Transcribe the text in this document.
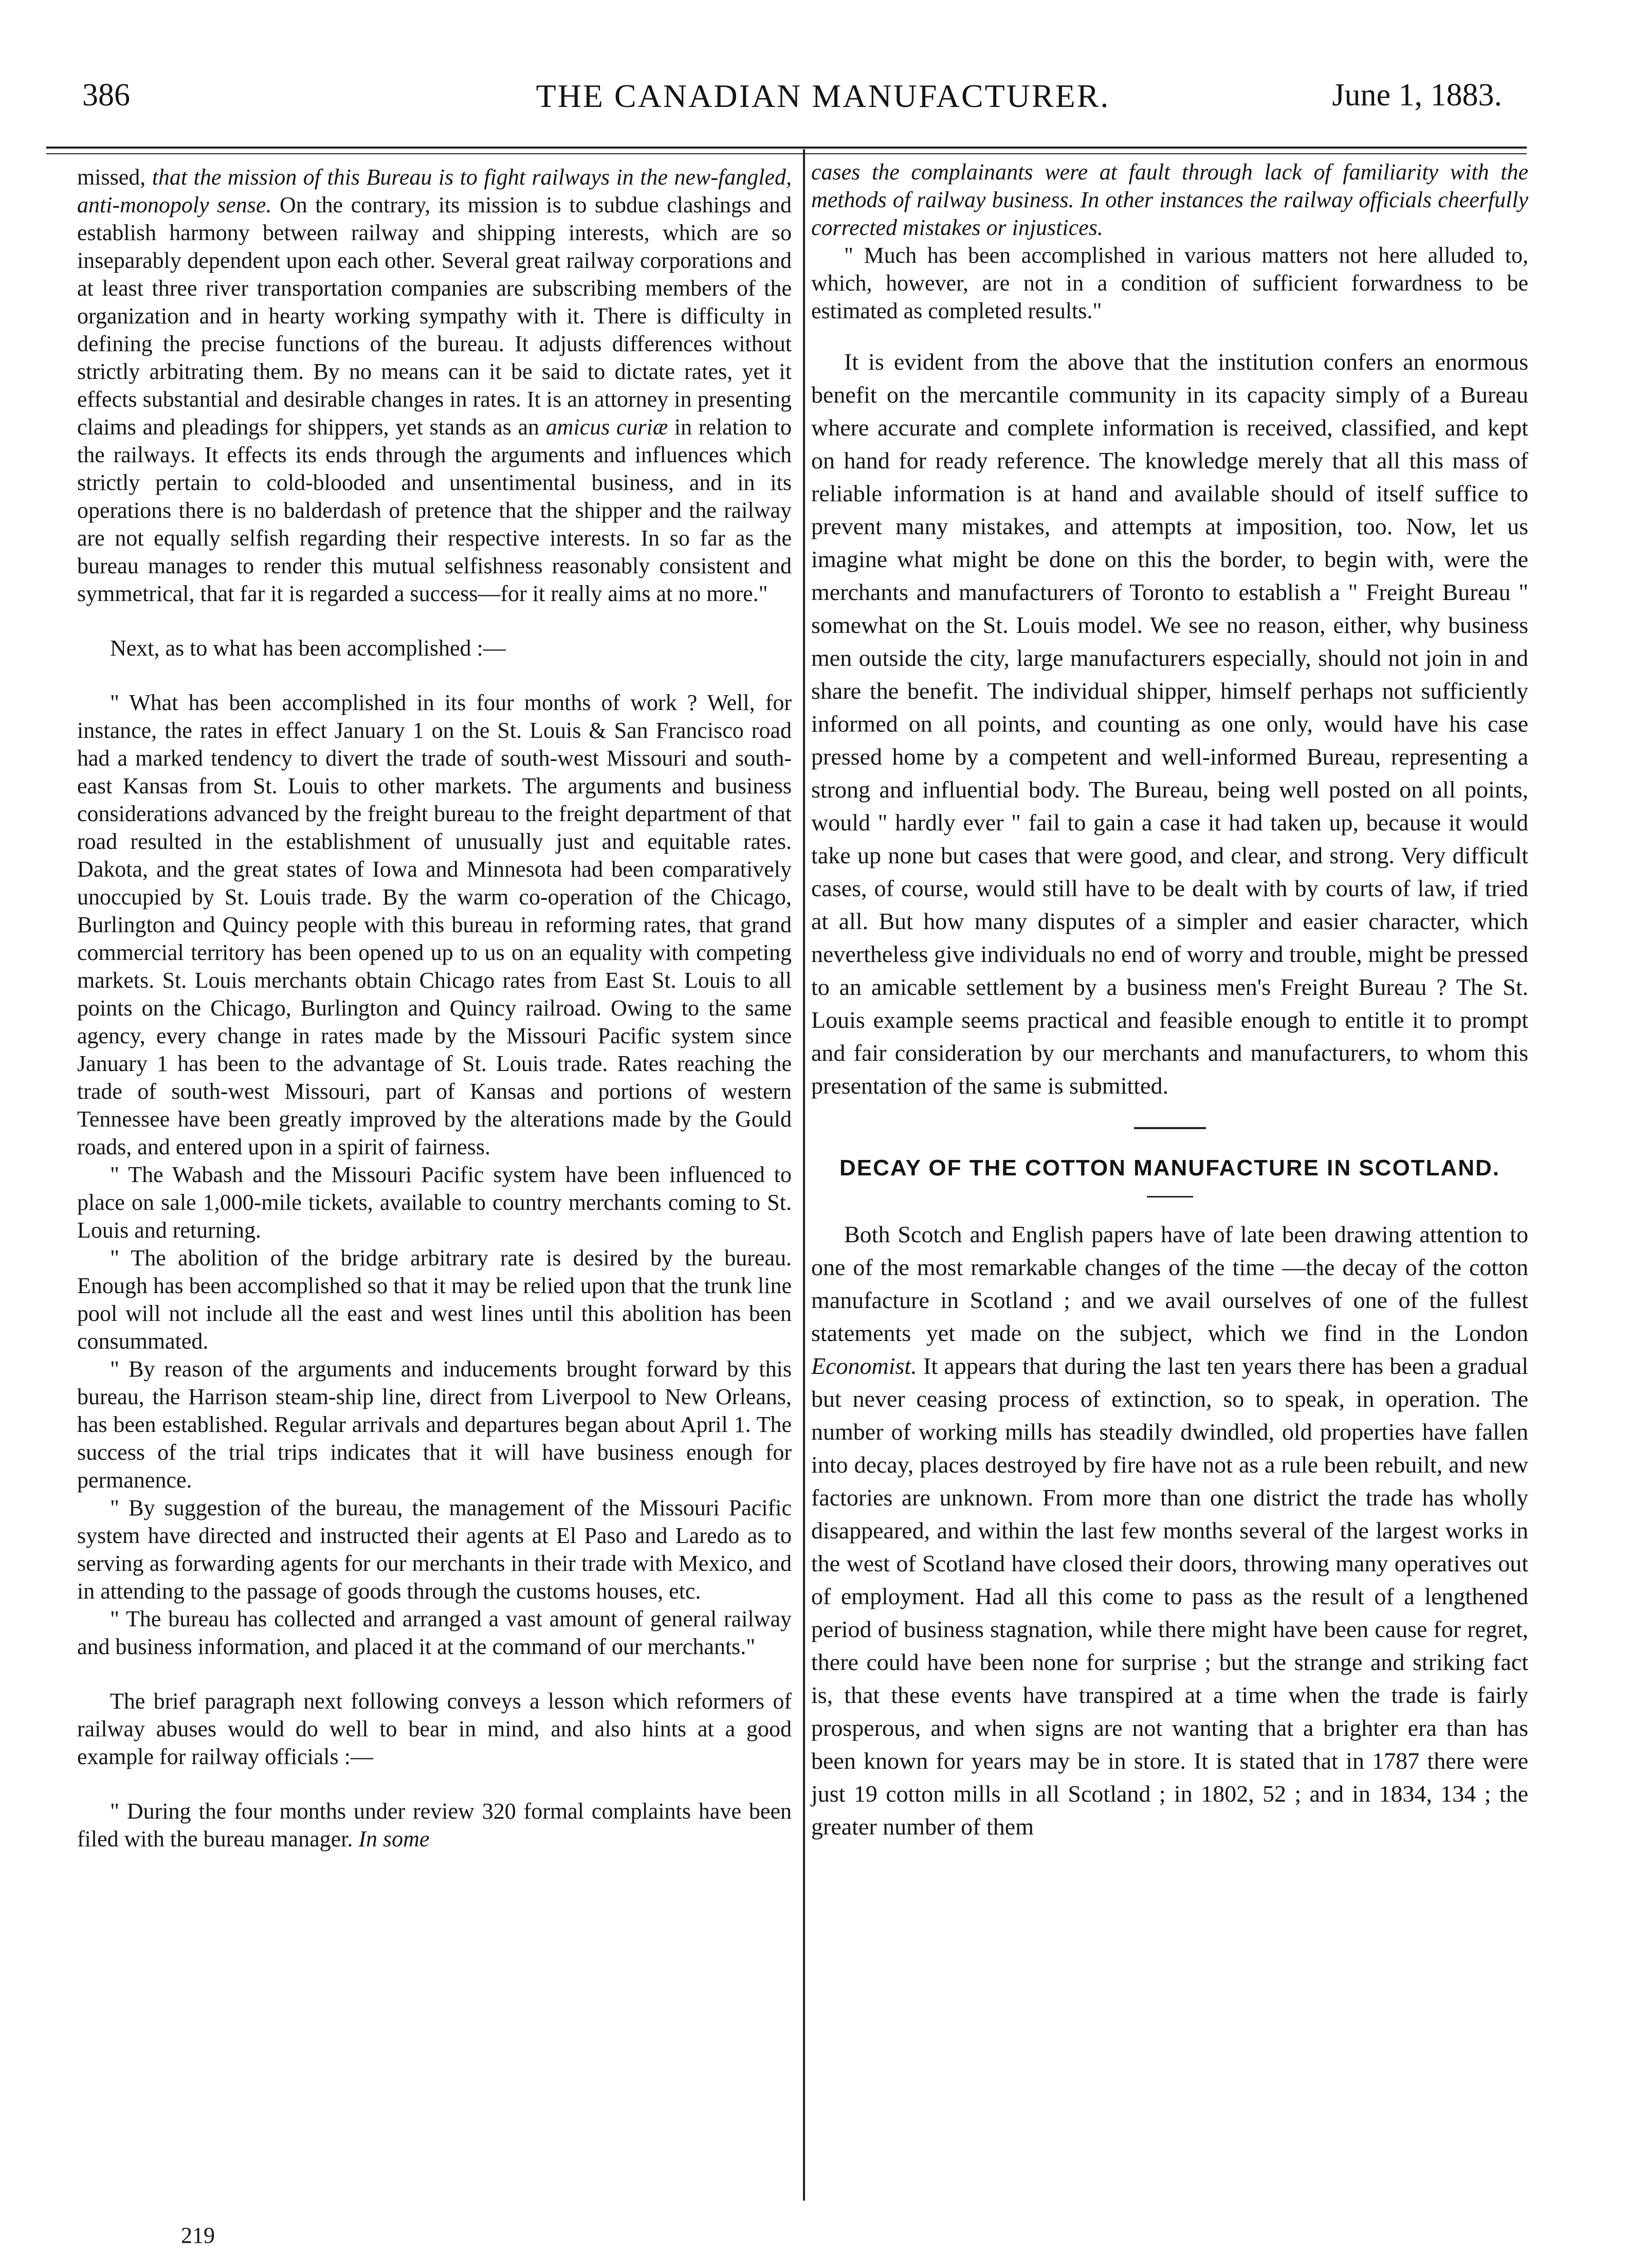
386	THE CANADIAN MANUFACTURER.	June 1, 1883.

missed, that the mission of this Bureau is to fight railways in the new-fangled, anti-monopoly sense. On the contrary, its mission is to subdue clashings and establish harmony between railway and shipping interests, which are so inseparably dependent upon each other. Several great railway corporations and at least three river transportation companies are subscribing members of the organization and in hearty working sympathy with it. There is difficulty in defining the precise functions of the bureau. It adjusts differences without strictly arbitrating them. By no means can it be said to dictate rates, yet it effects substantial and desirable changes in rates. It is an attorney in presenting claims and pleadings for shippers, yet stands as an amicus curiæ in relation to the railways. It effects its ends through the arguments and influences which strictly pertain to cold-blooded and unsentimental business, and in its operations there is no balderdash of pretence that the shipper and the railway are not equally selfish regarding their respective interests. In so far as the bureau manages to render this mutual selfishness reasonably consistent and symmetrical, that far it is regarded a success—for it really aims at no more."

Next, as to what has been accomplished :—

" What has been accomplished in its four months of work ? Well, for instance, the rates in effect January 1 on the St. Louis & San Francisco road had a marked tendency to divert the trade of south-west Missouri and south-east Kansas from St. Louis to other markets. The arguments and business considerations advanced by the freight bureau to the freight department of that road resulted in the establishment of unusually just and equitable rates. Dakota, and the great states of Iowa and Minnesota had been comparatively unoccupied by St. Louis trade. By the warm co-operation of the Chicago, Burlington and Quincy people with this bureau in reforming rates, that grand commercial territory has been opened up to us on an equality with competing markets. St. Louis merchants obtain Chicago rates from East St. Louis to all points on the Chicago, Burlington and Quincy railroad. Owing to the same agency, every change in rates made by the Missouri Pacific system since January 1 has been to the advantage of St. Louis trade. Rates reaching the trade of south-west Missouri, part of Kansas and portions of western Tennessee have been greatly improved by the alterations made by the Gould roads, and entered upon in a spirit of fairness.

" The Wabash and the Missouri Pacific system have been influenced to place on sale 1,000-mile tickets, available to country merchants coming to St. Louis and returning.

" The abolition of the bridge arbitrary rate is desired by the bureau. Enough has been accomplished so that it may be relied upon that the trunk line pool will not include all the east and west lines until this abolition has been consummated.

" By reason of the arguments and inducements brought forward by this bureau, the Harrison steam-ship line, direct from Liverpool to New Orleans, has been established. Regular arrivals and departures began about April 1. The success of the trial trips indicates that it will have business enough for permanence.

" By suggestion of the bureau, the management of the Missouri Pacific system have directed and instructed their agents at El Paso and Laredo as to serving as forwarding agents for our merchants in their trade with Mexico, and in attending to the passage of goods through the customs houses, etc.

" The bureau has collected and arranged a vast amount of general railway and business information, and placed it at the command of our merchants."

The brief paragraph next following conveys a lesson which reformers of railway abuses would do well to bear in mind, and also hints at a good example for railway officials :—

" During the four months under review 320 formal complaints have been filed with the bureau manager. In some

cases the complainants were at fault through lack of familiarity with the methods of railway business. In other instances the railway officials cheerfully corrected mistakes or injustices.

" Much has been accomplished in various matters not here alluded to, which, however, are not in a condition of sufficient forwardness to be estimated as completed results."

It is evident from the above that the institution confers an enormous benefit on the mercantile community in its capacity simply of a Bureau where accurate and complete information is received, classified, and kept on hand for ready reference. The knowledge merely that all this mass of reliable information is at hand and available should of itself suffice to prevent many mistakes, and attempts at imposition, too. Now, let us imagine what might be done on this the border, to begin with, were the merchants and manufacturers of Toronto to establish a " Freight Bureau " somewhat on the St. Louis model. We see no reason, either, why business men outside the city, large manufacturers especially, should not join in and share the benefit. The individual shipper, himself perhaps not sufficiently informed on all points, and counting as one only, would have his case pressed home by a competent and well-informed Bureau, representing a strong and influential body. The Bureau, being well posted on all points, would " hardly ever " fail to gain a case it had taken up, because it would take up none but cases that were good, and clear, and strong. Very difficult cases, of course, would still have to be dealt with by courts of law, if tried at all. But how many disputes of a simpler and easier character, which nevertheless give individuals no end of worry and trouble, might be pressed to an amicable settlement by a business men's Freight Bureau ? The St. Louis example seems practical and feasible enough to entitle it to prompt and fair consideration by our merchants and manufacturers, to whom this presentation of the same is submitted.

DECAY OF THE COTTON MANUFACTURE IN SCOTLAND.

Both Scotch and English papers have of late been drawing attention to one of the most remarkable changes of the time —the decay of the cotton manufacture in Scotland ; and we avail ourselves of one of the fullest statements yet made on the subject, which we find in the London Economist. It appears that during the last ten years there has been a gradual but never ceasing process of extinction, so to speak, in operation. The number of working mills has steadily dwindled, old properties have fallen into decay, places destroyed by fire have not as a rule been rebuilt, and new factories are unknown. From more than one district the trade has wholly disappeared, and within the last few months several of the largest works in the west of Scotland have closed their doors, throwing many operatives out of employment. Had all this come to pass as the result of a lengthened period of business stagnation, while there might have been cause for regret, there could have been none for surprise ; but the strange and striking fact is, that these events have transpired at a time when the trade is fairly prosperous, and when signs are not wanting that a brighter era than has been known for years may be in store. It is stated that in 1787 there were just 19 cotton mills in all Scotland ; in 1802, 52 ; and in 1834, 134 ; the greater number of them

219
